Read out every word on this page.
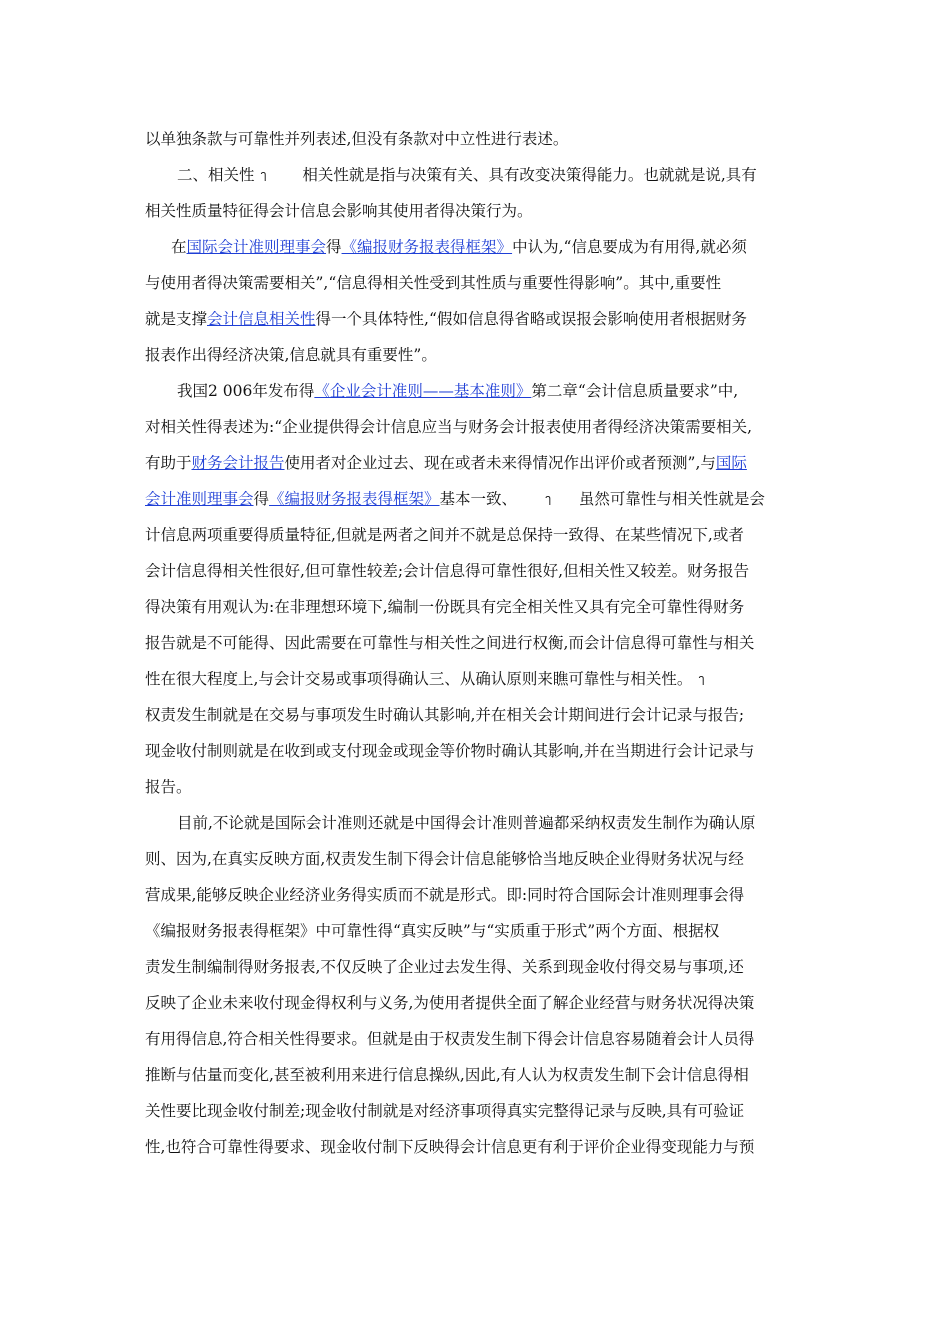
以单独条款与可靠性并列表述,但没有条款对中立性进行表述。
二、相关性 ๅ 相关性就是指与决策有关、具有改变决策得能力。也就就是说,具有
相关性质量特征得会计信息会影响其使用者得决策行为。
在国际会计准则理事会得《编报财务报表得框架》中认为,“信息要成为有用得,就必须
与使用者得决策需要相关”,“信息得相关性受到其性质与重要性得影响”。其中,重要性
就是支撑会计信息相关性得一个具体特性,“假如信息得省略或误报会影响使用者根据财务
报表作出得经济决策,信息就具有重要性”。
我国2 006年发布得《企业会计准则——基本准则》第二章“会计信息质量要求”中,
对相关性得表述为:“企业提供得会计信息应当与财务会计报表使用者得经济决策需要相关,
有助于财务会计报告使用者对企业过去、现在或者未来得情况作出评价或者预测”,与国际
会计准则理事会得《编报财务报表得框架》基本一致、 ๅ 虽然可靠性与相关性就是会
计信息两项重要得质量特征,但就是两者之间并不就是总保持一致得、在某些情况下,或者
会计信息得相关性很好,但可靠性较差;会计信息得可靠性很好,但相关性又较差。财务报告
得决策有用观认为:在非理想环境下,编制一份既具有完全相关性又具有完全可靠性得财务
报告就是不可能得、因此需要在可靠性与相关性之间进行权衡,而会计信息得可靠性与相关
性在很大程度上,与会计交易或事项得确认三、从确认原则来瞧可靠性与相关性。 ๅ
权责发生制就是在交易与事项发生时确认其影响,并在相关会计期间进行会计记录与报告;
现金收付制则就是在收到或支付现金或现金等价物时确认其影响,并在当期进行会计记录与
报告。
目前,不论就是国际会计准则还就是中国得会计准则普遍都采纳权责发生制作为确认原
则、因为,在真实反映方面,权责发生制下得会计信息能够恰当地反映企业得财务状况与经
营成果,能够反映企业经济业务得实质而不就是形式。即:同时符合国际会计准则理事会得
《编报财务报表得框架》中可靠性得“真实反映”与“实质重于形式”两个方面、根据权
责发生制编制得财务报表,不仅反映了企业过去发生得、关系到现金收付得交易与事项,还
反映了企业未来收付现金得权利与义务,为使用者提供全面了解企业经营与财务状况得决策
有用得信息,符合相关性得要求。但就是由于权责发生制下得会计信息容易随着会计人员得
推断与估量而变化,甚至被利用来进行信息操纵,因此,有人认为权责发生制下会计信息得相
关性要比现金收付制差;现金收付制就是对经济事项得真实完整得记录与反映,具有可验证
性,也符合可靠性得要求、现金收付制下反映得会计信息更有利于评价企业得变现能力与预
